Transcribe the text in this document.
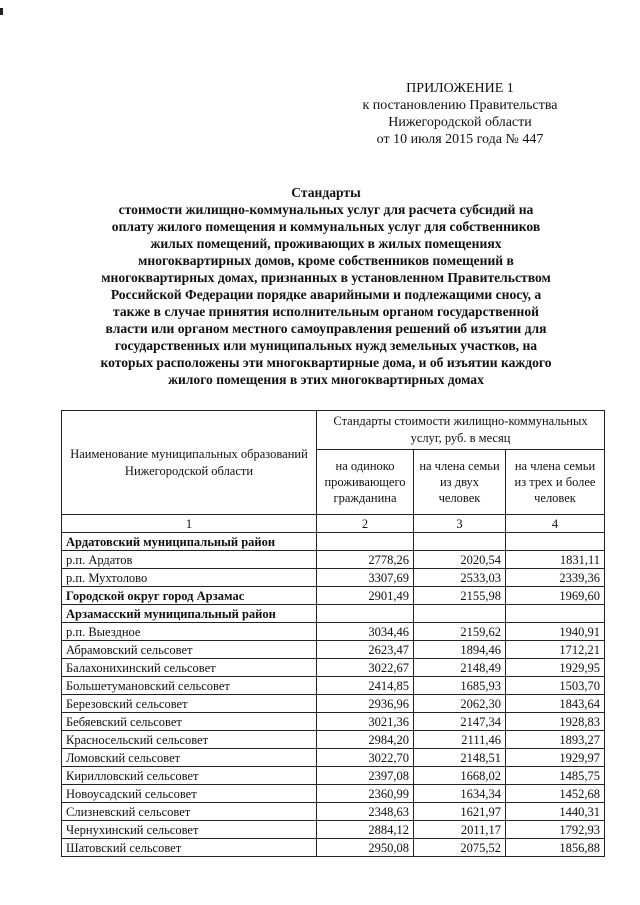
ПРИЛОЖЕНИЕ 1
к постановлению Правительства
Нижегородской области
от 10 июля 2015 года № 447
Стандарты
стоимости жилищно-коммунальных услуг для расчета субсидий на
оплату жилого помещения и коммунальных услуг для собственников
жилых помещений, проживающих в жилых помещениях
многоквартирных домов, кроме собственников помещений в
многоквартирных домах, признанных в установленном Правительством
Российской Федерации порядке аварийными и подлежащими сносу, а
также в случае принятия исполнительным органом государственной
власти или органом местного самоуправления решений об изъятии для
государственных или муниципальных нужд земельных участков, на
которых расположены эти многоквартирные дома, и об изъятии каждого
жилого помещения в этих многоквартирных домах
Наименование муниципальных образований Нижегородской области	Стандарты стоимости жилищно-коммунальных услуг, руб. в месяц		
	на одиноко проживающего гражданина	на члена семьи из двух человек	на члена семьи из трех и более человек
1	2	3	4
Ардатовский муниципальный район			
р.п. Ардатов	2778,26	2020,54	1831,11
р.п. Мухтолово	3307,69	2533,03	2339,36
Городской округ город Арзамас	2901,49	2155,98	1969,60
Арзамасский муниципальный район			
р.п. Выездное	3034,46	2159,62	1940,91
Абрамовский сельсовет	2623,47	1894,46	1712,21
Балахонихинский сельсовет	3022,67	2148,49	1929,95
Большетумановский сельсовет	2414,85	1685,93	1503,70
Березовский сельсовет	2936,96	2062,30	1843,64
Бебяевский сельсовет	3021,36	2147,34	1928,83
Красносельский сельсовет	2984,20	2111,46	1893,27
Ломовский сельсовет	3022,70	2148,51	1929,97
Кирилловский сельсовет	2397,08	1668,02	1485,75
Новоусадский сельсовет	2360,99	1634,34	1452,68
Слизневский сельсовет	2348,63	1621,97	1440,31
Чернухинский сельсовет	2884,12	2011,17	1792,93
Шатовский сельсовет	2950,08	2075,52	1856,88
